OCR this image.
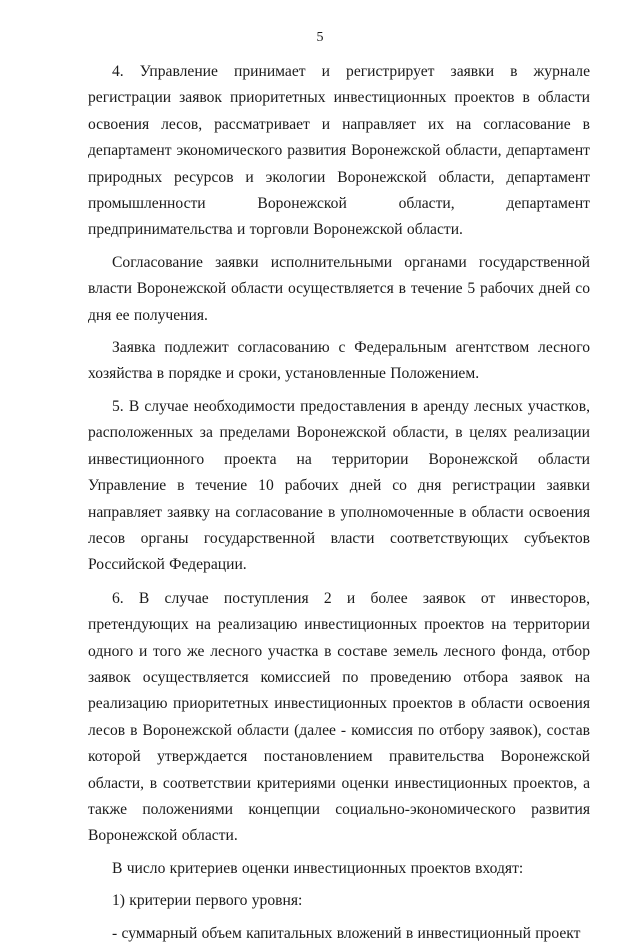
5

4. Управление принимает и регистрирует заявки в журнале регистрации заявок приоритетных инвестиционных проектов в области освоения лесов, рассматривает и направляет их на согласование в департамент экономического развития Воронежской области, департамент природных ресурсов и экологии Воронежской области, департамент промышленности Воронежской области, департамент предпринимательства и торговли Воронежской области.

Согласование заявки исполнительными органами государственной власти Воронежской области осуществляется в течение 5 рабочих дней со дня ее получения.

Заявка подлежит согласованию с Федеральным агентством лесного хозяйства в порядке и сроки, установленные Положением.

5. В случае необходимости предоставления в аренду лесных участков, расположенных за пределами Воронежской области, в целях реализации инвестиционного проекта на территории Воронежской области Управление в течение 10 рабочих дней со дня регистрации заявки направляет заявку на согласование в уполномоченные в области освоения лесов органы государственной власти соответствующих субъектов Российской Федерации.

6. В случае поступления 2 и более заявок от инвесторов, претендующих на реализацию инвестиционных проектов на территории одного и того же лесного участка в составе земель лесного фонда, отбор заявок осуществляется комиссией по проведению отбора заявок на реализацию приоритетных инвестиционных проектов в области освоения лесов в Воронежской области (далее - комиссия по отбору заявок), состав которой утверждается постановлением правительства Воронежской области, в соответствии критериями оценки инвестиционных проектов, а также положениями концепции социально-экономического развития Воронежской области.

В число критериев оценки инвестиционных проектов входят:

1) критерии первого уровня:

- суммарный объем капитальных вложений в инвестиционный проект
